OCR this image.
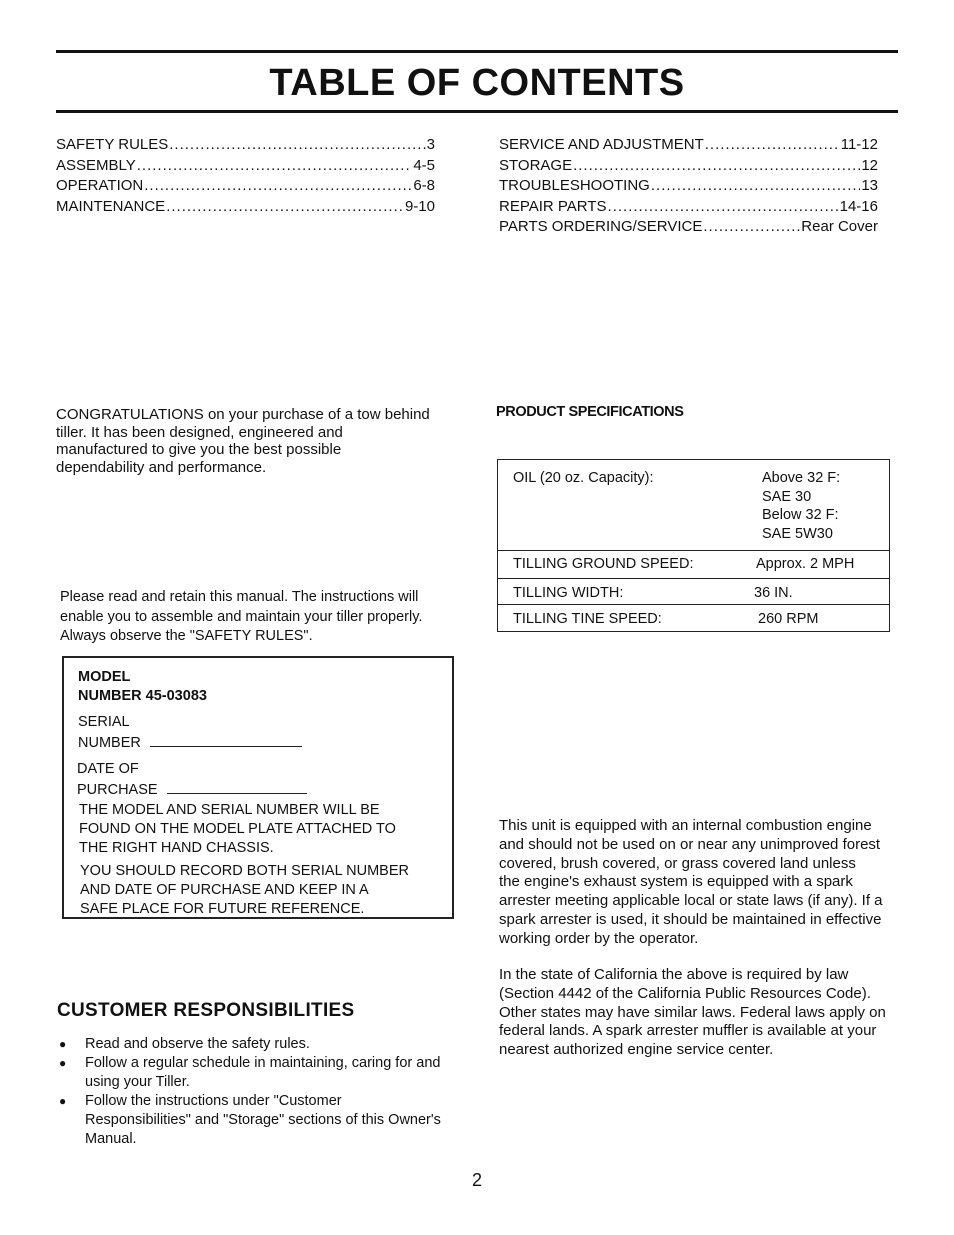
TABLE OF CONTENTS
SAFETY RULES .....	3
ASSEMBLY .....	4-5
OPERATION .....	6-8
MAINTENANCE .....	9-10
SERVICE AND ADJUSTMENT .....	11-12
STORAGE .....	12
TROUBLESHOOTING .....	13
REPAIR PARTS .....	14-16
PARTS ORDERING/SERVICE .....	Rear Cover
CONGRATULATIONS on your purchase of a tow behind
tiller. It has been designed, engineered and
manufactured to give you the best possible
dependability and performance.
Please read and retain this manual. The instructions will
enable you to assemble and maintain your tiller properly.
Always observe the "SAFETY RULES".
MODEL
NUMBER 45-03083
SERIAL
NUMBER
DATE OF
PURCHASE
THE MODEL AND SERIAL NUMBER WILL BE
FOUND ON THE MODEL PLATE ATTACHED TO
THE RIGHT HAND CHASSIS.
YOU SHOULD RECORD BOTH SERIAL NUMBER
AND DATE OF PURCHASE AND KEEP IN A
SAFE PLACE FOR FUTURE REFERENCE.
CUSTOMER RESPONSIBILITIES
● Read and observe the safety rules.
● Follow a regular schedule in maintaining, caring for and
using your Tiller.
● Follow the instructions under "Customer
Responsibilities" and "Storage" sections of this Owner's
Manual.
PRODUCT SPECIFICATIONS
OIL (20 oz. Capacity):	Above 32 F:
SAE 30
Below 32 F:
SAE 5W30
TILLING GROUND SPEED:	Approx. 2 MPH
TILLING WIDTH:	36 IN.
TILLING TINE SPEED:	260 RPM
This unit is equipped with an internal combustion engine
and should not be used on or near any unimproved forest
covered, brush covered, or grass covered land unless
the engine's exhaust system is equipped with a spark
arrester meeting applicable local or state laws (if any). If a
spark arrester is used, it should be maintained in effective
working order by the operator.
In the state of California the above is required by law
(Section 4442 of the California Public Resources Code).
Other states may have similar laws. Federal laws apply on
federal lands. A spark arrester muffler is available at your
nearest authorized engine service center.
2
